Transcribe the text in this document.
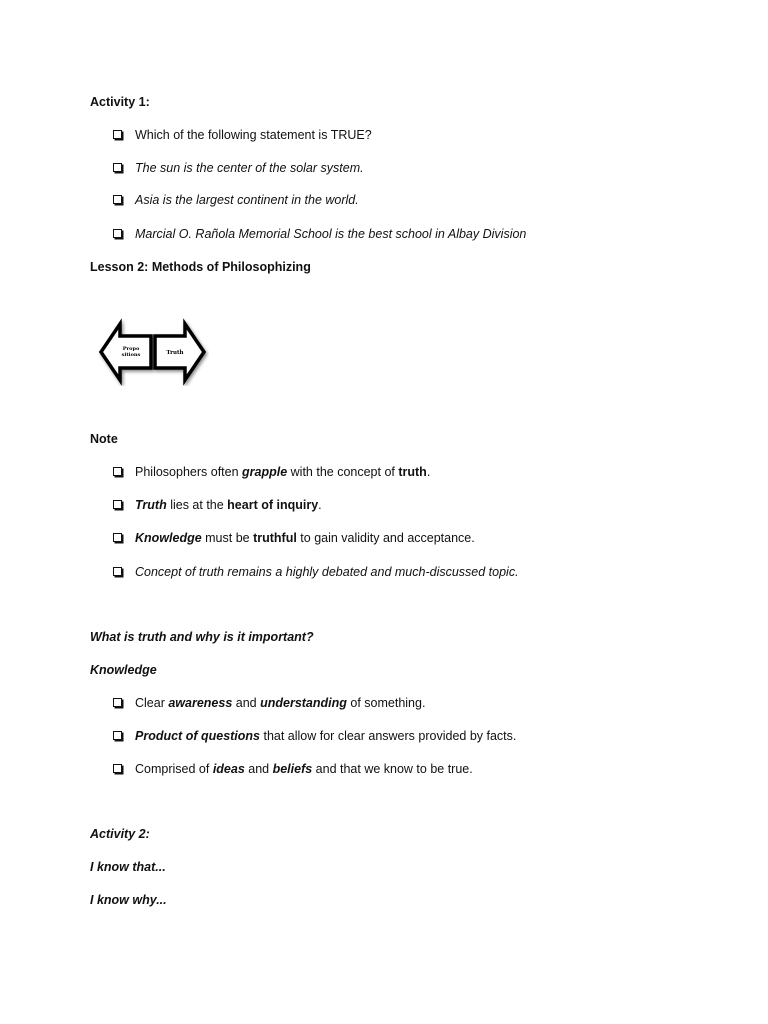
Activity 1:
Which of the following statement is TRUE?
The sun is the center of the solar system.
Asia is the largest continent in the world.
Marcial O. Rañola Memorial School is the best school in Albay Division
Lesson 2: Methods of Philosophizing
Propo
sitions	Truth
Note
Philosophers often grapple with the concept of truth.
Truth lies at the heart of inquiry.
Knowledge must be truthful to gain validity and acceptance.
Concept of truth remains a highly debated and much-discussed topic.
What is truth and why is it important?
Knowledge
Clear awareness and understanding of something.
Product of questions that allow for clear answers provided by facts.
Comprised of ideas and beliefs and that we know to be true.
Activity 2:
I know that...
I know why...
